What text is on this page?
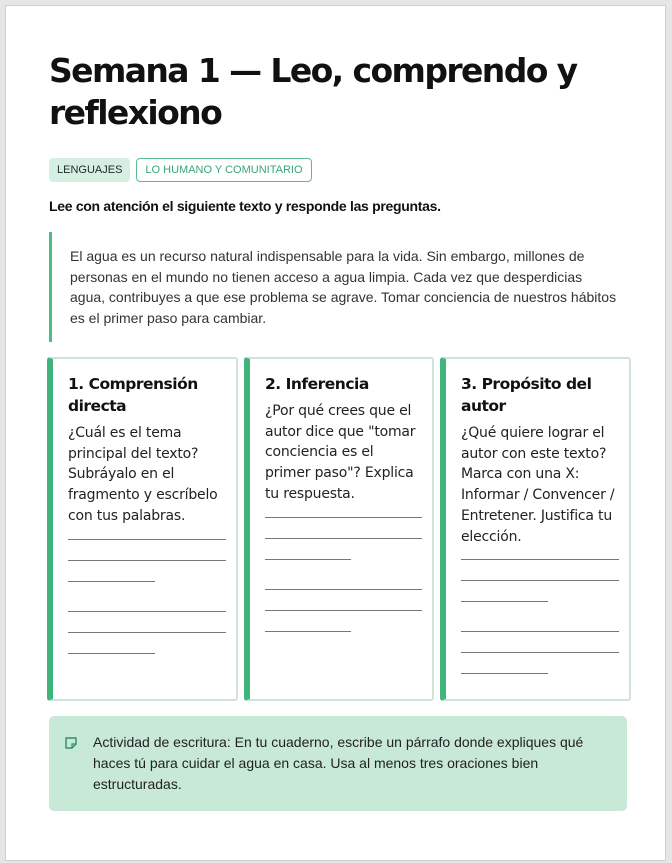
Semana 1 — Leo, comprendo y reflexiono
LENGUAJES	LO HUMANO Y COMUNITARIO
Lee con atención el siguiente texto y responde las preguntas.
El agua es un recurso natural indispensable para la vida. Sin embargo, millones de personas en el mundo no tienen acceso a agua limpia. Cada vez que desperdicias agua, contribuyes a que ese problema se agrave. Tomar conciencia de nuestros hábitos es el primer paso para cambiar.
1. Comprensión directa
¿Cuál es el tema principal del texto? Subráyalo en el fragmento y escríbelo con tus palabras.
2. Inferencia
¿Por qué crees que el autor dice que "tomar conciencia es el primer paso"? Explica tu respuesta.
3. Propósito del autor
¿Qué quiere lograr el autor con este texto? Marca con una X: Informar / Convencer / Entretener. Justifica tu elección.
Actividad de escritura: En tu cuaderno, escribe un párrafo donde expliques qué haces tú para cuidar el agua en casa. Usa al menos tres oraciones bien estructuradas.
